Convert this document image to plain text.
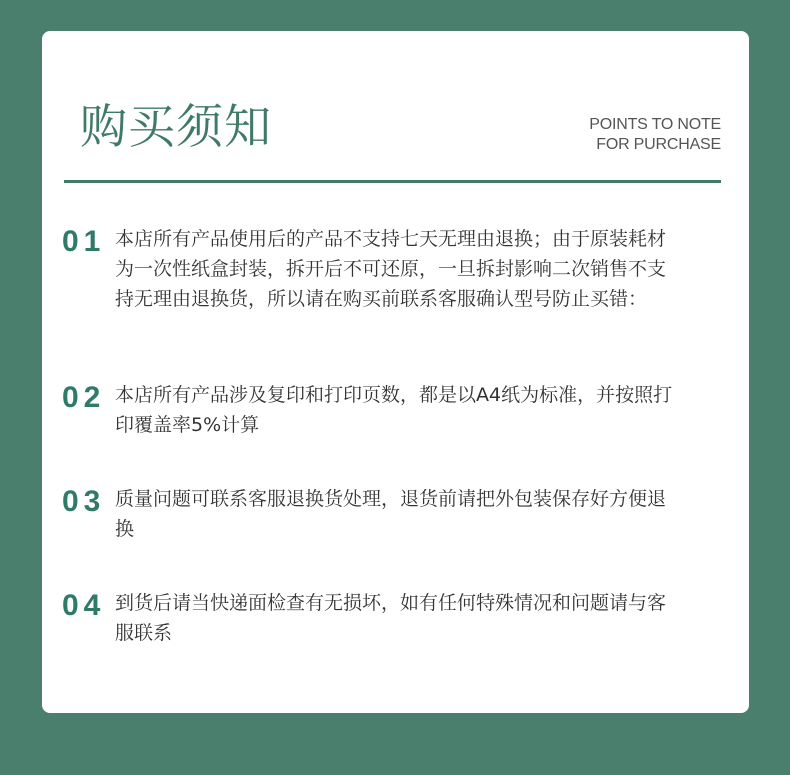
购买须知	POINTS TO NOTE
FOR PURCHASE
01 本店所有产品使用后的产品不支持七天无理由退换；由于原装耗材为一次性纸盒封装，拆开后不可还原，一旦拆封影响二次销售不支持无理由退换货，所以请在购买前联系客服确认型号防止买错：
02 本店所有产品涉及复印和打印页数，都是以A4纸为标准，并按照打印覆盖率5%计算
03 质量问题可联系客服退换货处理，退货前请把外包装保存好方便退换
04 到货后请当快递面检查有无损坏，如有任何特殊情况和问题请与客服联系
